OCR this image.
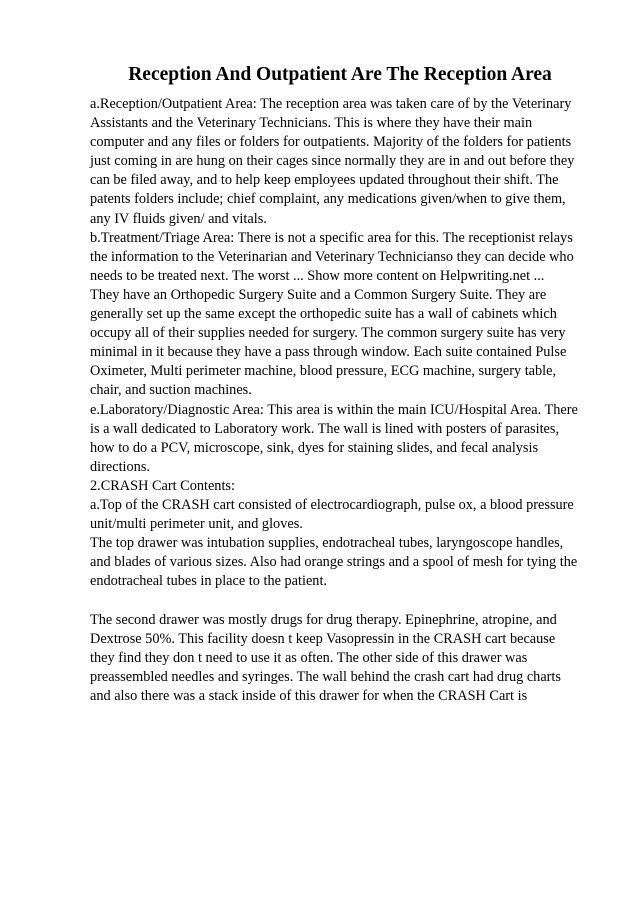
Reception And Outpatient Are The Reception Area
a.Reception/Outpatient Area: The reception area was taken care of by the Veterinary
Assistants and the Veterinary Technicians. This is where they have their main
computer and any files or folders for outpatients. Majority of the folders for patients
just coming in are hung on their cages since normally they are in and out before they
can be filed away, and to help keep employees updated throughout their shift. The
patents folders include; chief complaint, any medications given/when to give them,
any IV fluids given/ and vitals.
b.Treatment/Triage Area: There is not a specific area for this. The receptionist relays
the information to the Veterinarian and Veterinary Technicianso they can decide who
needs to be treated next. The worst ... Show more content on Helpwriting.net ...
They have an Orthopedic Surgery Suite and a Common Surgery Suite. They are
generally set up the same except the orthopedic suite has a wall of cabinets which
occupy all of their supplies needed for surgery. The common surgery suite has very
minimal in it because they have a pass through window. Each suite contained Pulse
Oximeter, Multi perimeter machine, blood pressure, ECG machine, surgery table,
chair, and suction machines.
e.Laboratory/Diagnostic Area: This area is within the main ICU/Hospital Area. There
is a wall dedicated to Laboratory work. The wall is lined with posters of parasites,
how to do a PCV, microscope, sink, dyes for staining slides, and fecal analysis
directions.
2.CRASH Cart Contents:
a.Top of the CRASH cart consisted of electrocardiograph, pulse ox, a blood pressure
unit/multi perimeter unit, and gloves.
The top drawer was intubation supplies, endotracheal tubes, laryngoscope handles,
and blades of various sizes. Also had orange strings and a spool of mesh for tying the
endotracheal tubes in place to the patient.
The second drawer was mostly drugs for drug therapy. Epinephrine, atropine, and
Dextrose 50%. This facility doesn t keep Vasopressin in the CRASH cart because
they find they don t need to use it as often. The other side of this drawer was
preassembled needles and syringes. The wall behind the crash cart had drug charts
and also there was a stack inside of this drawer for when the CRASH Cart is
